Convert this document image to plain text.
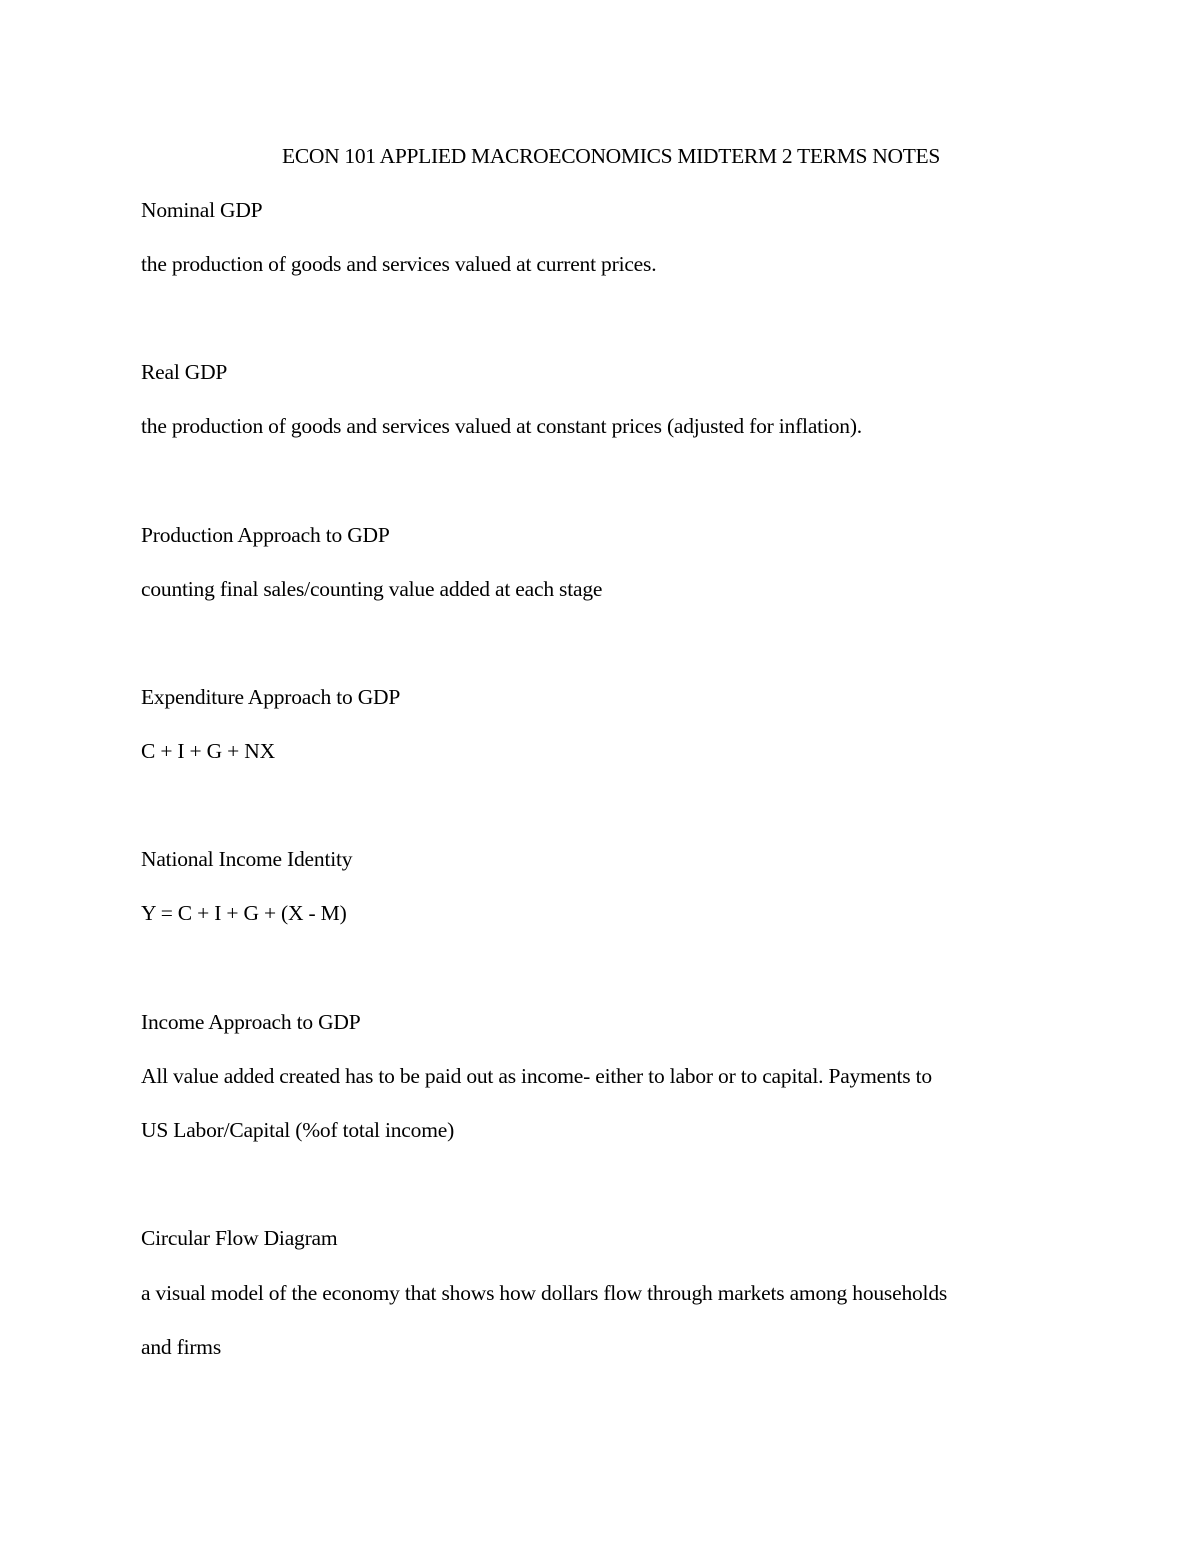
ECON 101 APPLIED MACROECONOMICS MIDTERM 2 TERMS NOTES
Nominal GDP
the production of goods and services valued at current prices.
Real GDP
the production of goods and services valued at constant prices (adjusted for inflation).
Production Approach to GDP
counting final sales/counting value added at each stage
Expenditure Approach to GDP
C + I + G + NX
National Income Identity
Y = C + I + G + (X - M)
Income Approach to GDP
All value added created has to be paid out as income- either to labor or to capital. Payments to
US Labor/Capital (%of total income)
Circular Flow Diagram
a visual model of the economy that shows how dollars flow through markets among households
and firms
